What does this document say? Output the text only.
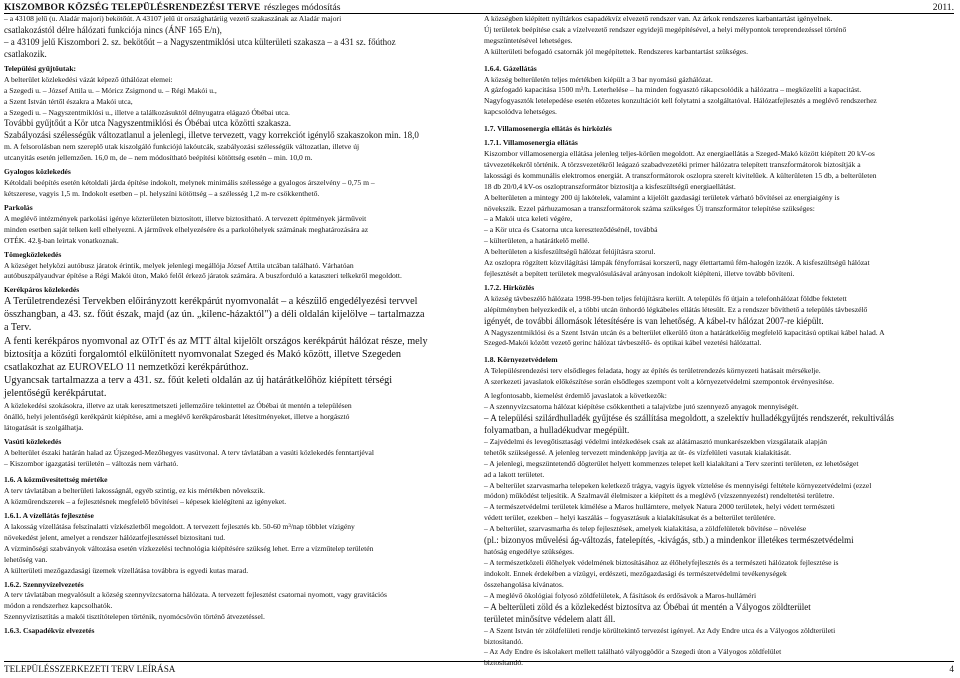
KISZOMBOR KÖZSÉG TELEPÜLÉSRENDEZÉSI TERVE részleges módosítás	2011.

– a 43108 jelű (u. Aladár majori) bekötőút. A 43107 jelű út országhatáriig vezető szakaszának az Aladár majori

csatlakozástól délre hálózati funkciója nincs (ÁNF 165 E/n),

– a 43109 jelű Kiszombori 2. sz. bekötőút – a Nagyszentmiklósi utca külterületi szakasza – a 431 sz. főúthoz

csatlakozik.

Települési gyűjtőutak:

A belterület közlekedési vázát képező úthálózat elemei:

a Szegedi u. – József Attila u. – Móricz Zsigmond u. – Régi Makói u.,

a Szent István tértől északra a Makói utca,

a Szegedi u. – Nagyszentmiklósi u., illetve a találkozásuktól délnyugatra elágazó Óbébai utca.

További gyűjtőút a Kör utca Nagyszentmiklósi és Óbébai utca közötti szakasza.

Szabályozási szélességük változatlanul a jelenlegi, illetve tervezett, vagy korrekciót igénylő szakaszokon min. 18,0

m. A felsorolásban nem szereplő utak kiszolgáló funkciójú lakóutcák, szabályozási szélességük változatlan, illetve új

utcanyitás esetén jellemzően. 16,0 m, de – nem módosítható beépítési kötöttség esetén – min. 10,0 m.

Gyalogos közlekedés

Kétoldali beépítés esetén kétoldali járda építése indokolt, melynek minimális szélessége a gyalogos árszelvény – 0,75 m –

kétszerese, vagyis 1,5 m. Indokolt esetben – pl. helyszíni kötöttség – a szélesség 1,2 m-re csökkenthető.

Parkolás

A meglévő intézmények parkolási igénye közterületen biztosított, illetve biztosítható. A tervezett építmények járműveit

minden esetben saját telken kell elhelyezni. A járművek elhelyezésére és a parkolóhelyek számának meghatározására az

OTÉK. 42.§-ban leírtak vonatkoznak.

Tömegközlekedés

A községet helyközi autóbusz járatok érintik, melyek jelenlegi megállója József Attila utcában található. Várhatóan

autóbuszpályaudvar építése a Régi Makói úton, Makó felől érkező járatok számára. A buszforduló a kataszteri telkekről megoldott.

Kerékpáros közlekedés

A Területrendezési Tervekben előirányzott kerékpárút nyomvonalát – a készülő engedélyezési tervvel

összhangban, a 43. sz. főút észak, majd (az ún. „kilenc-házaktól") a déli oldalán kijelölve – tartalmazza

a Terv.

A fenti kerékpáros nyomvonal az OTrT és az MTT által kijelölt országos kerékpárút hálózat része, mely

biztosítja a közúti forgalomtól elkülönített nyomvonalat Szeged és Makó között, illetve Szegeden

csatlakozhat az EUROVELO 11 nemzetközi kerékpárúthoz.

Ugyancsak tartalmazza a terv a 431. sz. főút keleti oldalán az új határátkelőhöz kiépített térségi

jelentőségű kerékpárutat.

A közlekedési szokásokra, illetve az utak keresztmetszeti jellemzőire tekintettel az Óbébai út mentén a településen

önálló, helyi jelentőségű kerékpárút kiépítése, ami a meglévő kerékpárosbarát létesítményeket, illetve a horgásztó

látogatását is szolgálhatja.

Vasúti közlekedés

A belterület északi határán halad az Újszeged-Mezőhegyes vasútvonal. A terv távlatában a vasúti közlekedés fenntartjéval

– Kiszombor igazgatási területén – változás nem várható.

1.6. A közművesítettség mértéke

A terv távlatában a belterületi lakosságnál, egyéb szintig, ez kis mértékben növekszik.

A közműrendszerek – a fejlesztésnek megfelelő bővítései – képesek kielégíteni az igényeket.

1.6.1. A vízellátás fejlesztése

A lakosság vízellátása felszínalatti vízkészletből megoldott. A tervezett fejlesztés kb. 50-60 m³/nap többlet vízigény

növekedést jelent, amelyet a rendszer hálózatfejlesztéssel biztosítani tud.

A vízminőségi szabványok változása esetén vízkezelési technológia kiépítésére szükség lehet. Erre a vízműtelep területén

lehetőség van.

A külterületi mezőgazdasági üzemek vízellátása továbbra is egyedi kutas marad.

1.6.2. Szennyvízelvezetés

A terv távlatában megvalósult a község szennyvízcsatorna hálózata. A tervezett fejlesztést csatornai nyomott, vagy gravitációs

módon a rendszerhez kapcsolhatók.

Szennyvíztisztítás a makói tisztítótelepen történik, nyomócsövön történő átvezetéssel.

1.6.3. Csapadékvíz elvezetés

A községben kiépített nyíltárkos csapadékvíz elvezető rendszer van. Az árkok rendszeres karbantartást igényelnek.

Új területek beépítése csak a vízelvezető rendszer egyidejű megépítésével, a helyi mélypontok tereprendezéssel történő

megszüntetésével lehetséges.

A külterületi befogadó csatornák jól megépítettek. Rendszeres karbantartást szükséges.

1.6.4. Gázellátás

A község belterületén teljes mértékben kiépült a 3 bar nyomású gázhálózat.

A gázfogadó kapacitása 1500 m³/h. Leterhelése – ha minden fogyasztó rákapcsolódik a hálózatra – megközelíti a kapacitást.

Nagyfogyasztók letelepedése esetén előzetes konzultációt kell folytatni a szolgáltatóval. Hálózatfejlesztés a meglévő rendszerhez

kapcsolódva lehetséges.

1.7. Villamosenergia ellátás és hírközlés

1.7.1. Villamosenergia ellátás

Kiszombor villamosenergia ellátása jelenleg teljes-körűen megoldott. Az energiaellátás a Szeged-Makó között kiépített 20 kV-os

távvezetékekről történik. A törzsvezetékről leágazó szabadvezetéki primer hálózatra telepített transzformátorok biztosítják a

lakossági és kommunális elektromos energiát. A transzformátorok oszlopra szerelt kivitelűek. A külterületen 15 db, a belterületen

18 db 20/0,4 kV-os oszloptranszformátor biztosítja a kisfeszültségű energiaellátást.

A belterületen a mintegy 200 új lakótelek, valamint a kijelölt gazdasági területek várható bővítései az energiaigény is

növekszik. Ezzel párhuzamosan a transzformátorok száma szükséges Új transzformátor telepítése szükséges:

– a Makói utca keleti végére,

– a Kör utca és Csatorna utca kereszteződésénél, továbbá

– külterületen, a határátkelő mellé.

A belterületen a kisfeszültségű hálózat felújításra szorul.

Az oszlopra rögzített közvilágítási lámpák fényforrásai korszerű, nagy élettartamú fém-halogén izzók. A kisfeszültségű hálózat

fejlesztését a bepített területek megvalósulásával arányosan indokolt kiépíteni, illetve tovább bővíteni.

1.7.2. Hírközlés

A község távbeszélő hálózata 1998-99-ben teljes felújításra került. A település fő útjain a telefonhálózat földbe fektetett

alépítményben helyezkedik el, a többi utcán önhordó légkábeles ellátás létesült. Ez a rendszer bővíthető a település távbeszélő

igényét, de további állomások létesítésére is van lehetőség. A kábel-tv hálózat 2007-re kiépült.

A Nagyszentmiklósi és a Szent István utcán és a belterület elkerülő úton a határátkelőig megfelelő kapacitású optikai kábel halad. A

Szeged-Makói között vezető gerinc hálózat távbeszélő- és optikai kábel vezetési hálózattal.

1.8. Környezetvédelem

A Településrendezési terv elsődleges feladata, hogy az építés és területrendezés környezeti hatásait mérsékelje.

A szerkezeti javaslatok előkészítése során elsődleges szempont volt a környezetvédelmi szempontok érvényesítése.

A legfontosabb, kiemelést érdemlő javaslatok a következők:

– A szennyvízcsatorna hálózat kiépítése csökkentheti a talajvízbe jutó szennyező anyagok mennyiségét.

– A települési szilárdhulladék gyűjtése és szállítása megoldott, a szelektív hulladékgyűjtés rendszerét, rekultiválás

folyamatban, a hulladékudvar megépült.

– Zajvédelmi és levegőtisztasági védelmi intézkedések csak az alátámasztó munkarészekben vizsgálataik alapján

tehetők szükségessé. A jelenleg tervezett mindenképp javítja az út- és vízfelületi vasutak kialakítását.

– A jelenlegi, megszüntetendő dögterület helyett kommenzes telepet kell kialakítani a Terv szerinti területen, ez lehetőséget

ad a lakott területet.

– A belterület szarvasmarha telepeken keletkező trágya, vagyis ügyek víztelése és mennyiségi feltétele környezetvédelmi (ezzel

módon) működést teljesítik. A Szalmavál élelmiszer a kiépített és a meglévő (vízszennyezést) rendeltetési területre.

– A természetvédelmi területek kímélése a Maros hullámtere, melyek Natura 2000 területek, helyi védett természeti

védett terület, ezekben – helyi kaszálás – fogyasztásuk a kialakításukat és a belterület területére.

– A belterület, szarvasmarha és telep fejlesztések, amelyek kialakítása, a zöldfelületek bővítése – növelése

(pl.: bizonyos művelési ág-változás, fatelepítés, -kivágás, stb.) a mindenkor illetékes természetvédelmi

hatóság engedélye szükséges.

– A természetközeli élőhelyek védelmének biztosításához az élőhelyfejlesztés és a természeti hálózatok fejlesztése is

indokolt. Ennek érdekében a vízügyi, erdészeti, mezőgazdasági és természetvédelmi tevékenységek

összehangolása kívánatos.

– A meglévő ökológiai folyosó zöldfelületek, A fásítások és erdősávok a Maros-hulláméri

– A belterületi zöld és a közlekedést biztosítva az Óbébai út mentén a Vályogos zöldterület

területet minősítve védelem alatt áll.

– A Szent István tér zöldfelületi rendje körültekintő tervezést igényel. Az Ady Endre utca és a Vályogos zöldterületi

biztosítandó.

– Az Ady Endre és iskolakert mellett található vályoggödör a Szegedi úton a Vályogos zöldfelület

biztosítandó.

TELEPÜLÉSSZERKEZETI TERV LEÍRÁSA	4
